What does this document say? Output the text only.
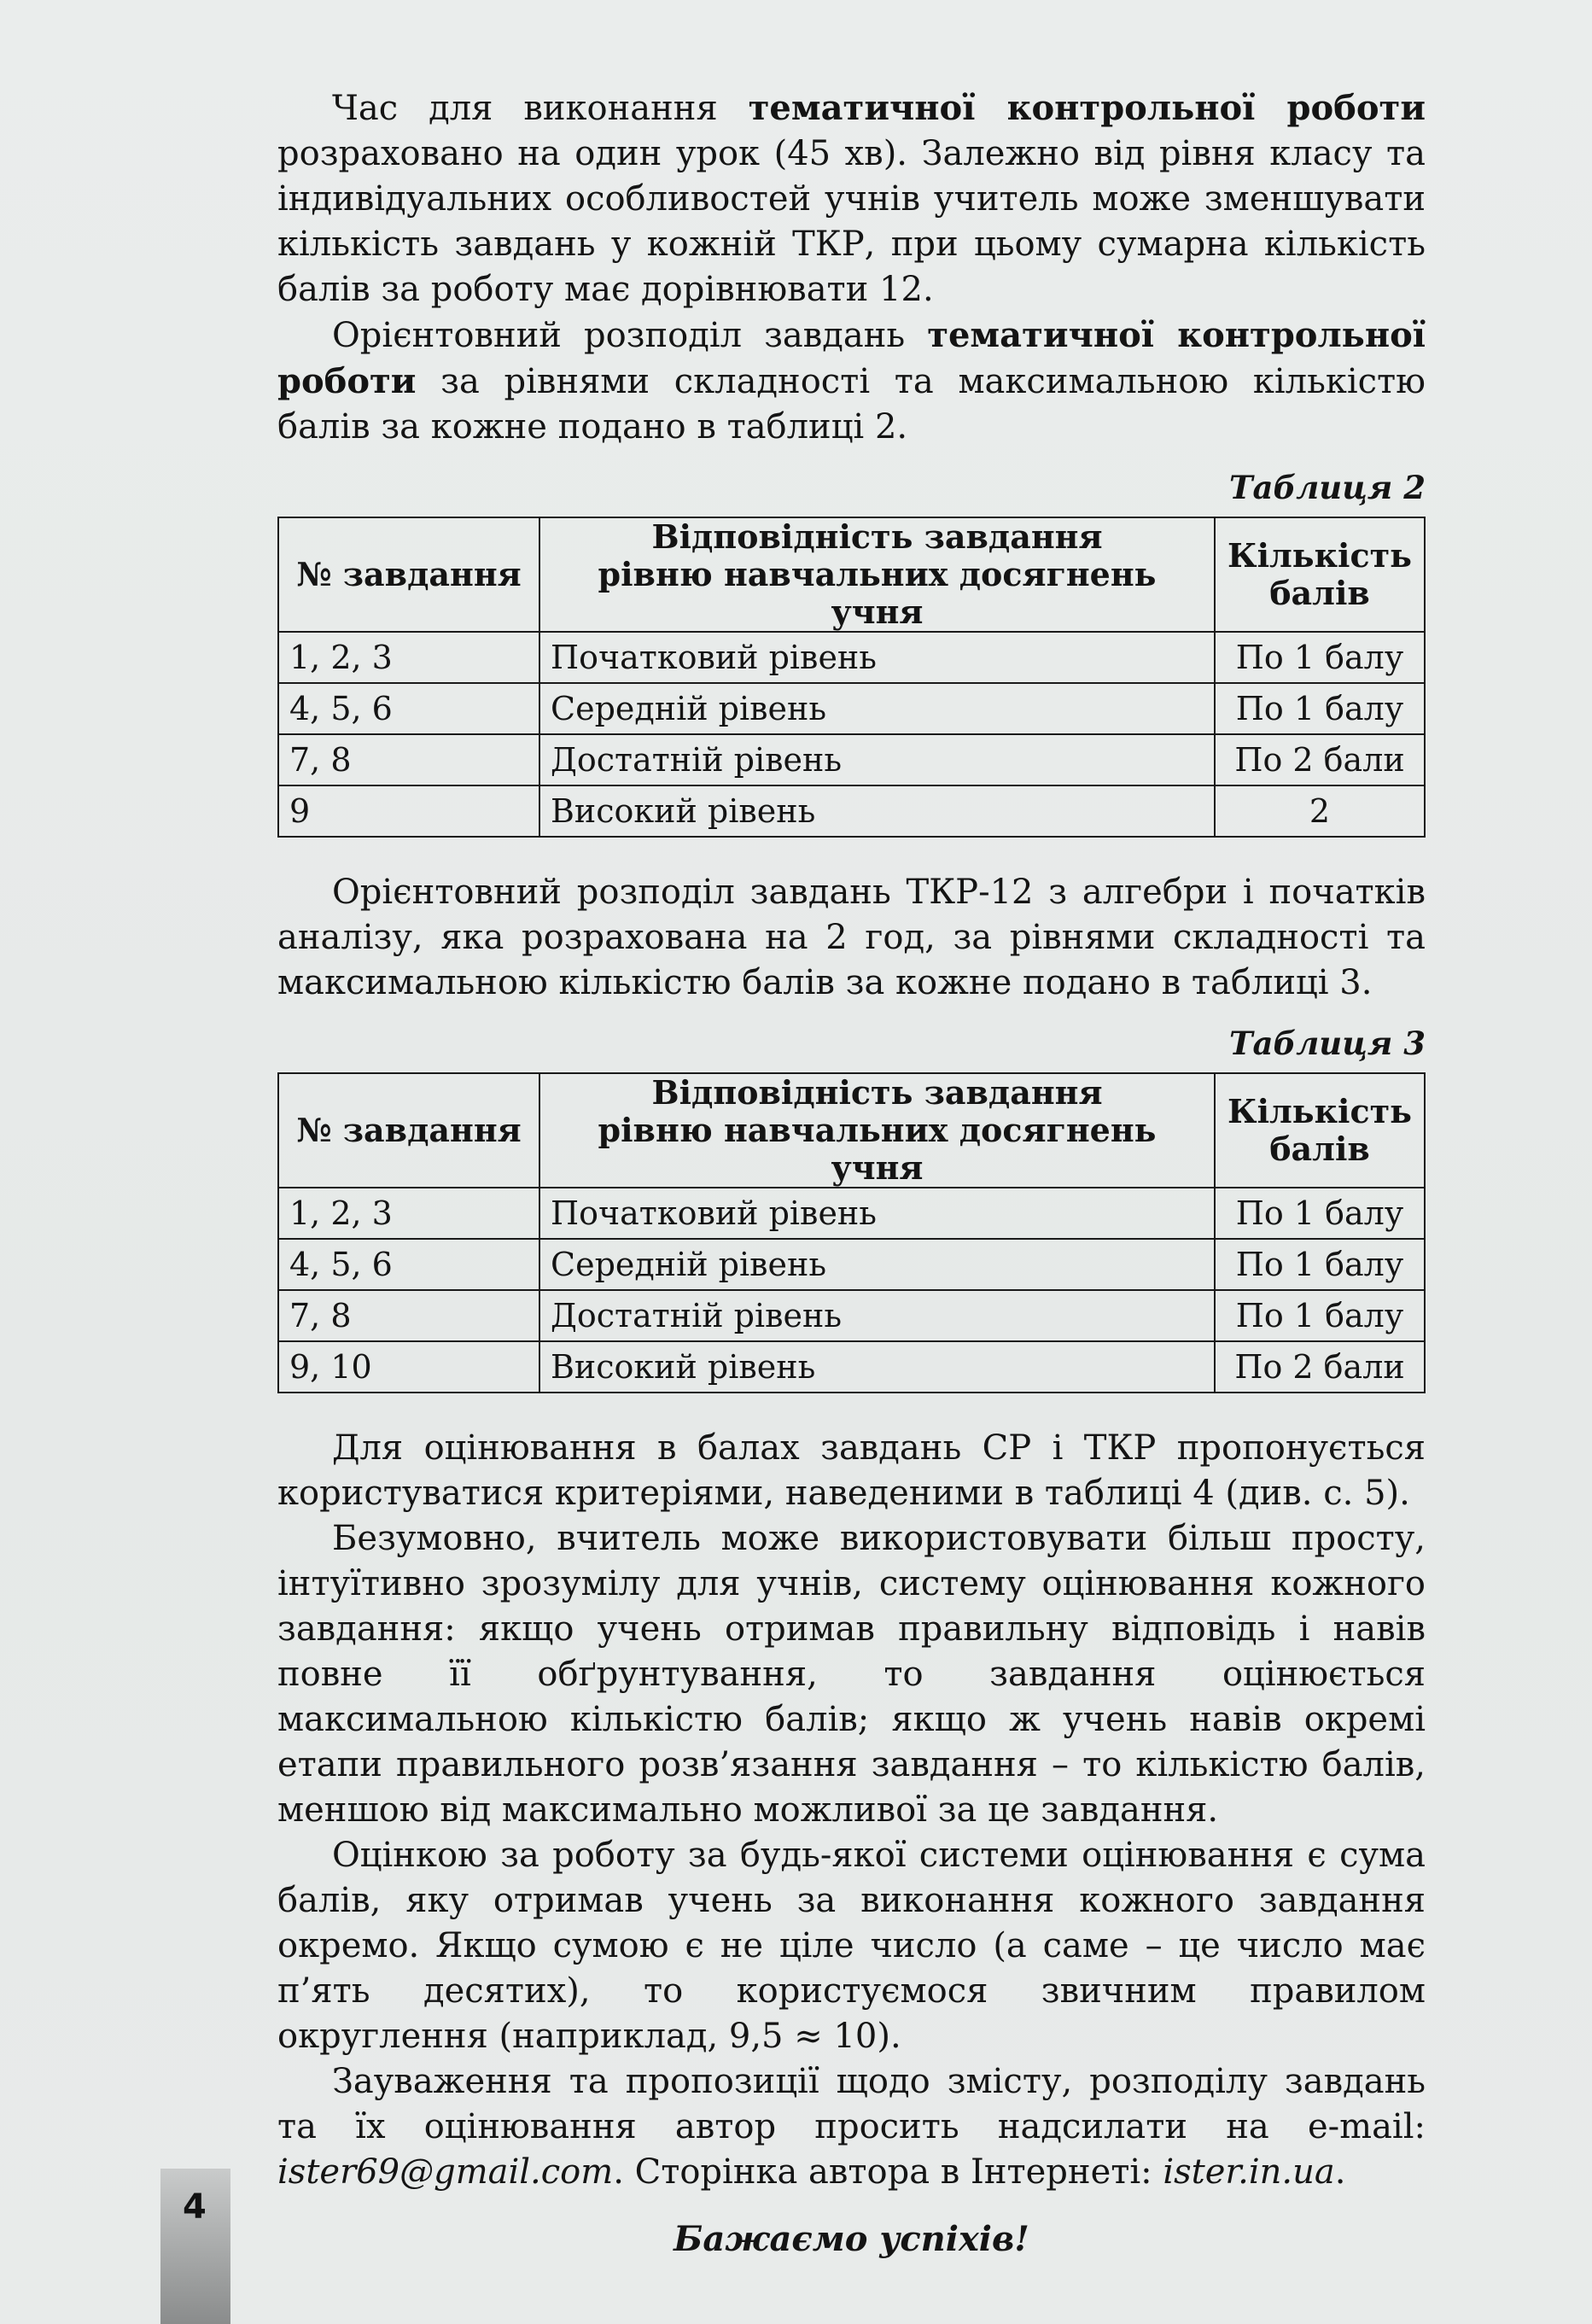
Час для виконання тематичної контрольної роботи розраховано на один урок (45 хв). Залежно від рівня класу та індивідуальних особливостей учнів учитель може зменшувати кількість завдань у кожній ТКР, при цьому сумарна кількість балів за роботу має дорівнювати 12.

Орієнтовний розподіл завдань тематичної контрольної роботи за рівнями складності та максимальною кількістю балів за кожне подано в таблиці 2.

Таблиця 2
№ завдання	Відповідність завдання рівню навчальних досягнень учня	Кількість балів
1, 2, 3	Початковий рівень	По 1 балу
4, 5, 6	Середній рівень	По 1 балу
7, 8	Достатній рівень	По 2 бали
9	Високий рівень	2

Орієнтовний розподіл завдань ТКР-12 з алгебри і початків аналізу, яка розрахована на 2 год, за рівнями складності та максимальною кількістю балів за кожне подано в таблиці 3.

Таблиця 3
№ завдання	Відповідність завдання рівню навчальних досягнень учня	Кількість балів
1, 2, 3	Початковий рівень	По 1 балу
4, 5, 6	Середній рівень	По 1 балу
7, 8	Достатній рівень	По 1 балу
9, 10	Високий рівень	По 2 бали

Для оцінювання в балах завдань СР і ТКР пропонується користуватися критеріями, наведеними в таблиці 4 (див. с. 5).

Безумовно, вчитель може використовувати більш просту, інтуїтивно зрозумілу для учнів, систему оцінювання кожного завдання: якщо учень отримав правильну відповідь і навів повне її обґрунтування, то завдання оцінюється максимальною кількістю балів; якщо ж учень навів окремі етапи правильного розв’язання завдання – то кількістю балів, меншою від максимально можливої за це завдання.

Оцінкою за роботу за будь-якої системи оцінювання є сума балів, яку отримав учень за виконання кожного завдання окремо. Якщо сумою є не ціле число (а саме – це число має п’ять десятих), то користуємося звичним правилом округлення (наприклад, 9,5 ≈ 10).

Зауваження та пропозиції щодо змісту, розподілу завдань та їх оцінювання автор просить надсилати на e-mail: ister69@gmail.com. Сторінка автора в Інтернеті: ister.in.ua.

Бажаємо успіхів!
4
